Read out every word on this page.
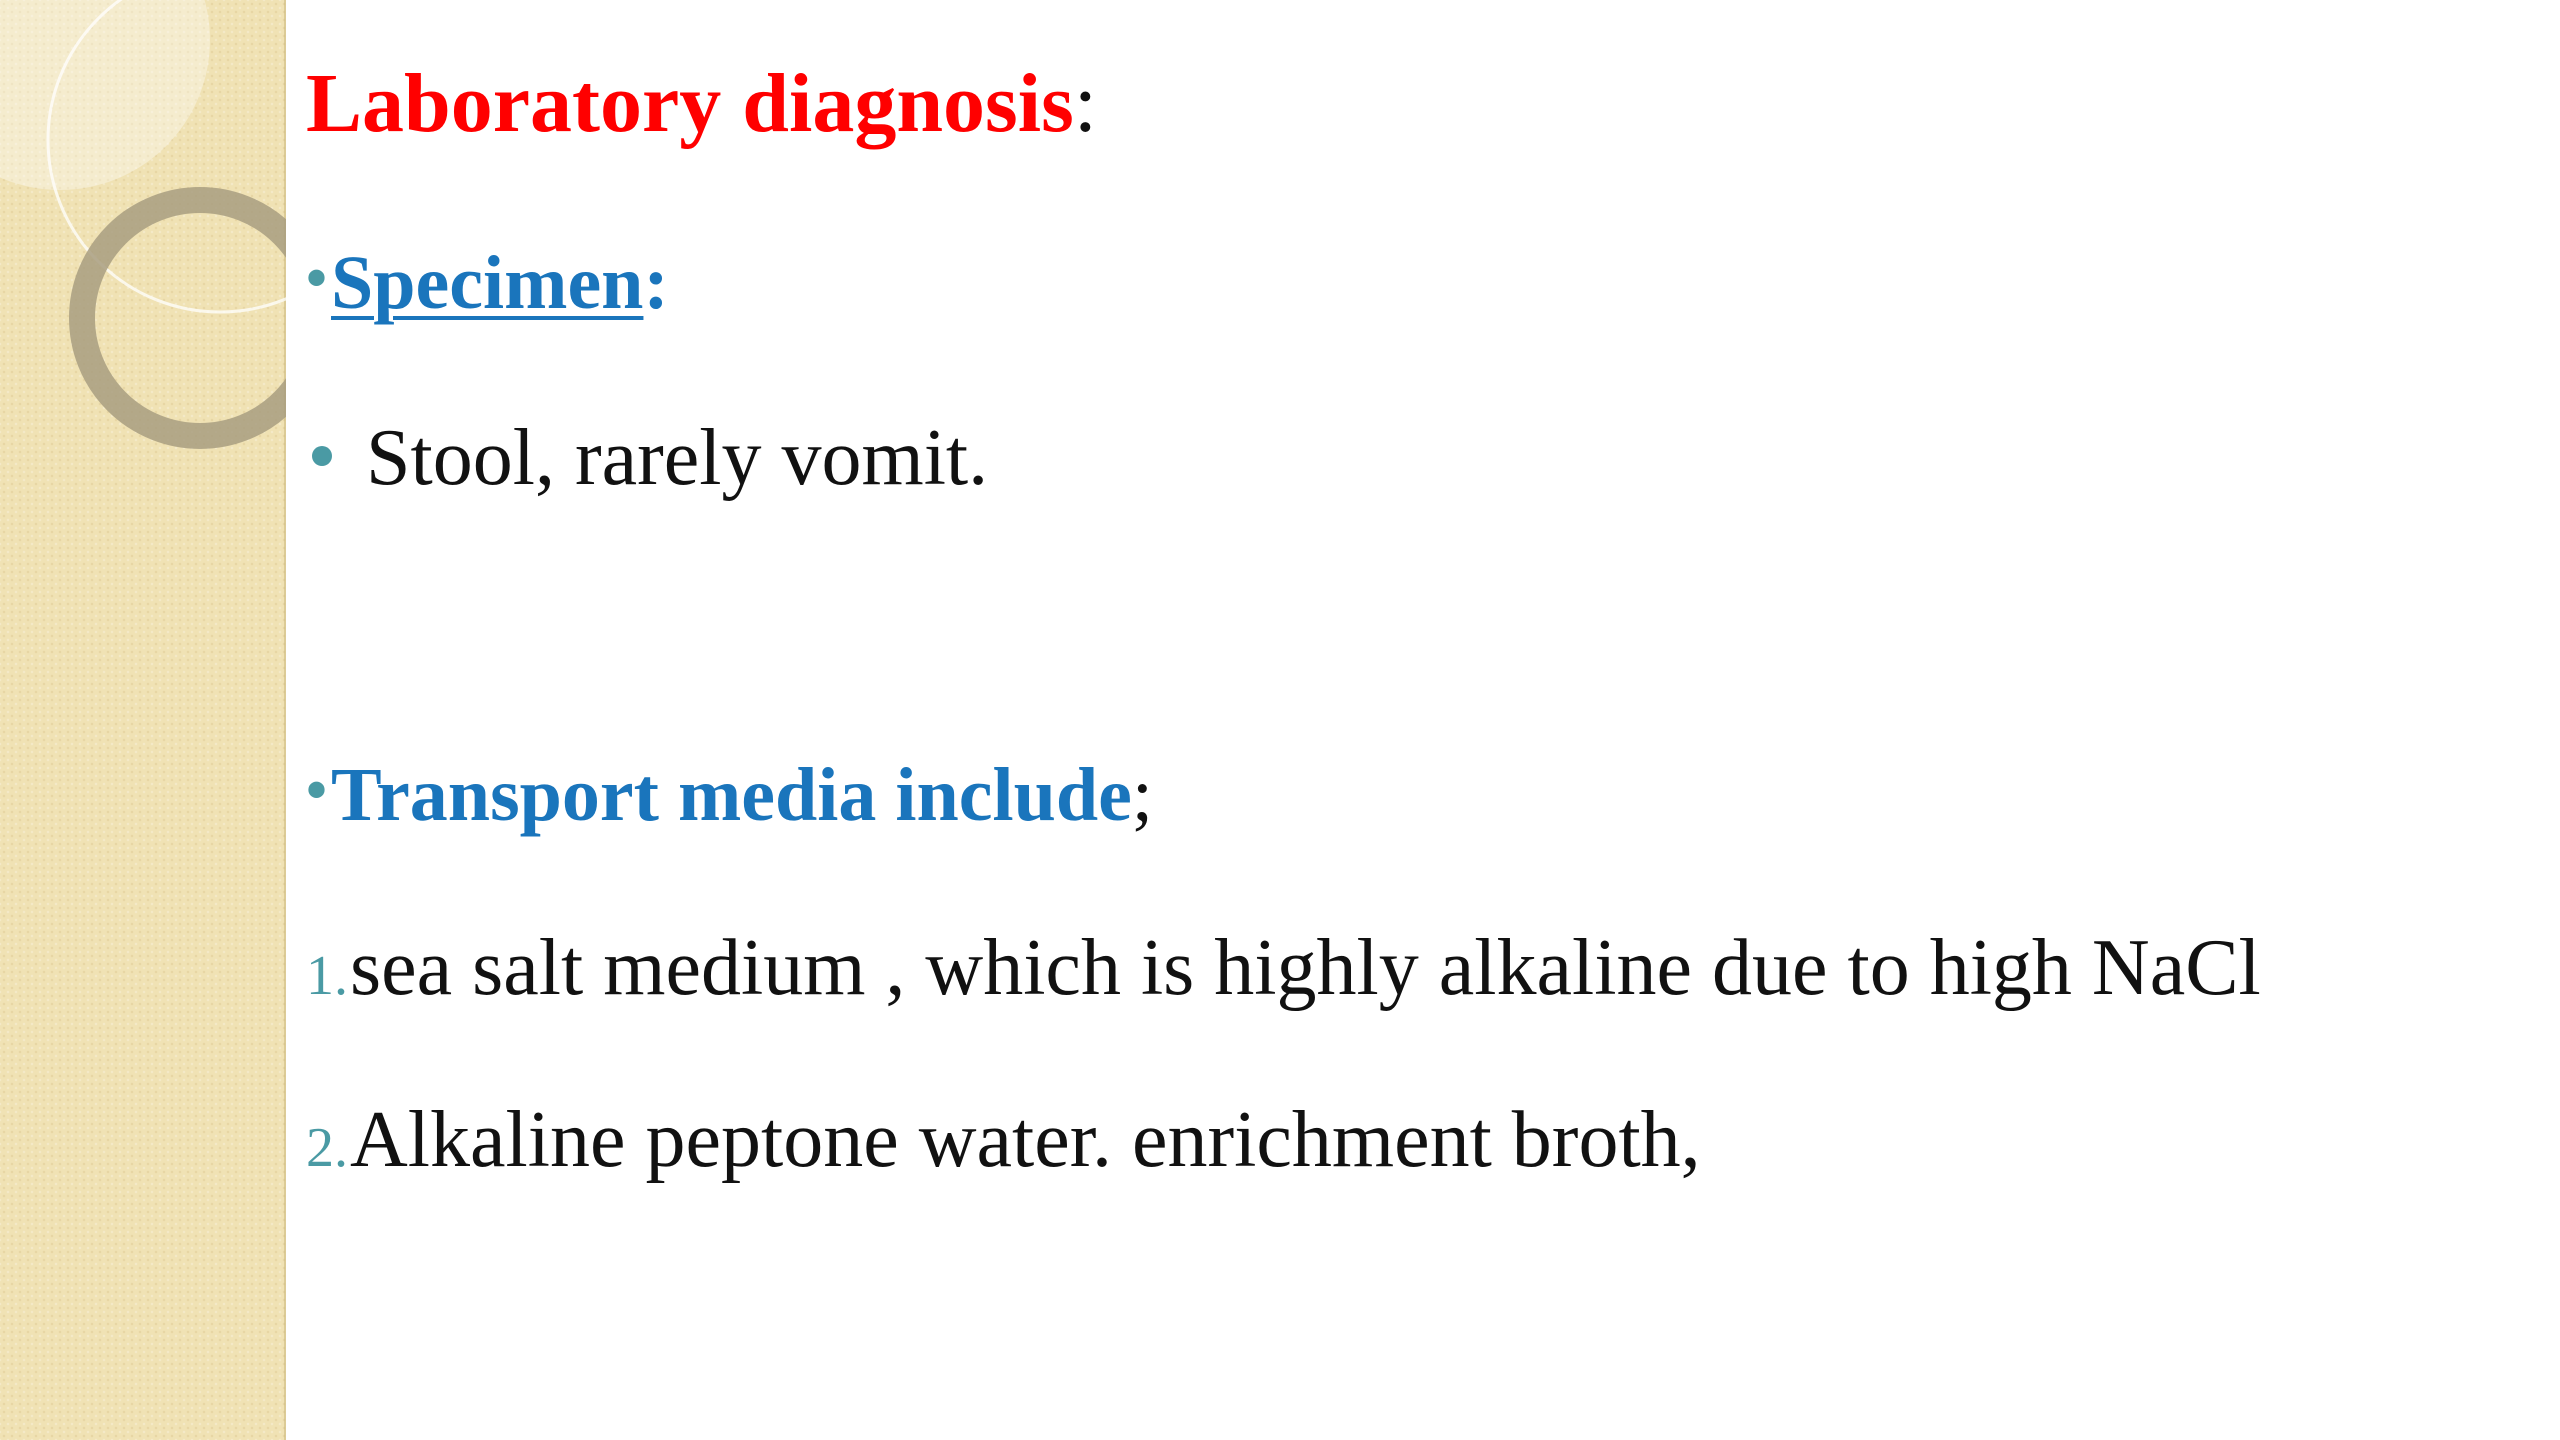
Laboratory diagnosis:
•Specimen:
Stool, rarely vomit.
•Transport media include;
1.sea salt medium , which is highly alkaline due to high NaCl
2.Alkaline peptone water. enrichment broth,
